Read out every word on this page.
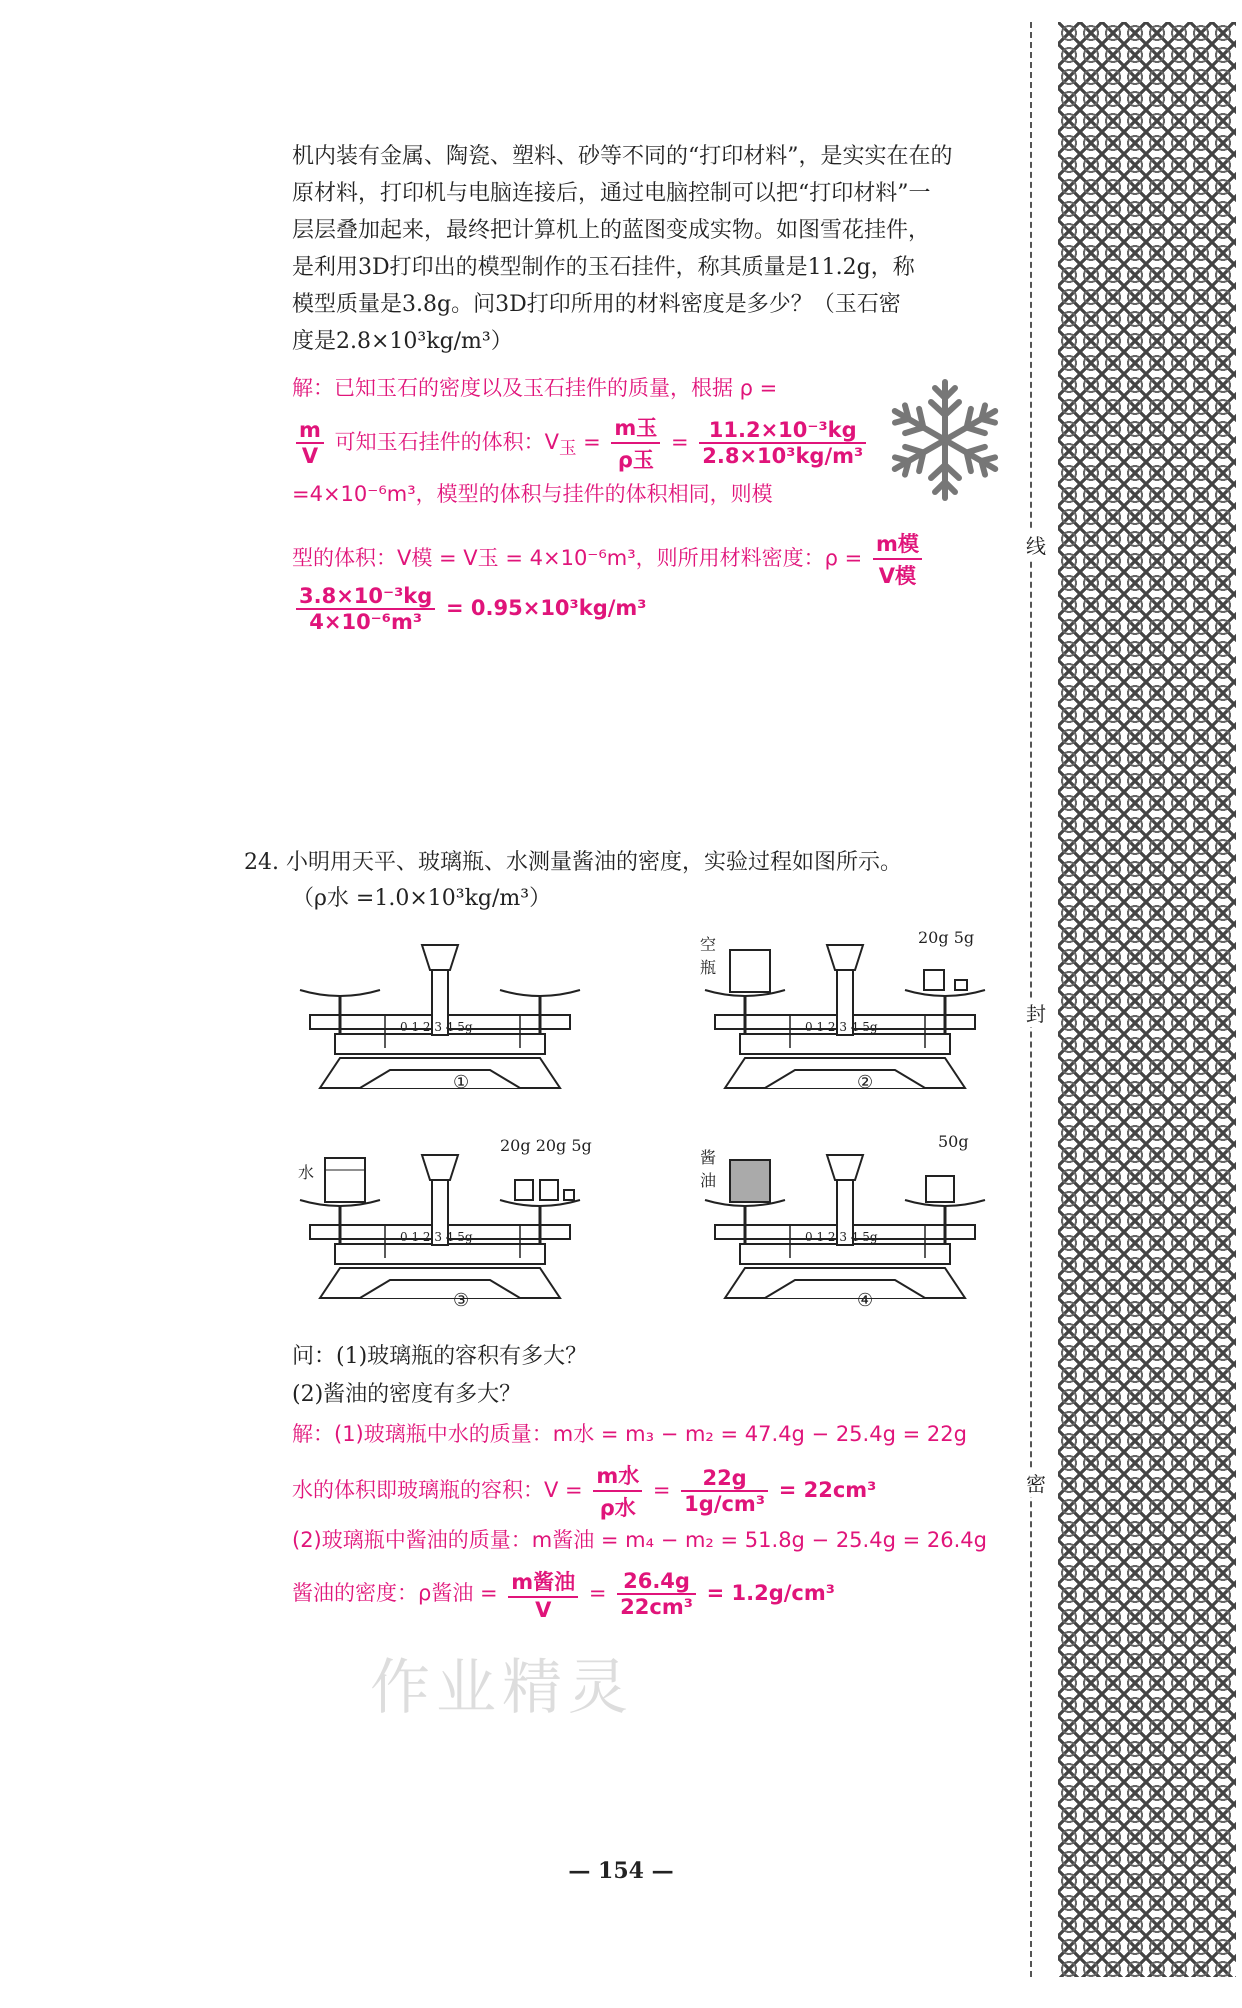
机内装有金属、陶瓷、塑料、砂等不同的“打印材料”，是实实在在的
原材料，打印机与电脑连接后，通过电脑控制可以把“打印材料”一
层层叠加起来，最终把计算机上的蓝图变成实物。如图雪花挂件，
是利用3D打印出的模型制作的玉石挂件，称其质量是11.2g，称
模型质量是3.8g。问3D打印所用的材料密度是多少？（玉石密
度是2.8×10³kg/m³）
解：已知玉石的密度以及玉石挂件的质量，根据 ρ =
$\frac{m}{V}$ 可知玉石挂件的体积：$V_玉 = \frac{\text{m玉}}{\text{ρ玉}} = \frac{\text{11.2×10⁻³kg}}{\text{2.8×10³kg/m³}}$
=4×10⁻⁶m³，模型的体积与挂件的体积相同，则模
型的体积：V模 = V玉 = 4×10⁻⁶m³，则所用材料密度：$\rho = \frac{\text{m模}}{\text{V模}}$
$\frac{\text{3.8×10⁻³kg}}{\text{4×10⁻⁶m³}} = 0.95\times 10^3kg/m^3$
24. 小明用天平、玻璃瓶、水测量酱油的密度，实验过程如图所示。
（ρ水 =1.0×10³kg/m³）
①	②
③	④
空瓶
20g 5g
水
20g 20g 5g
酱油
50g
0 1 2 3 4 5g	0 1 2 3 4 5g
0 1 2 3 4 5g	0 1 2 3 4 5g
问：(1)玻璃瓶的容积有多大？
(2)酱油的密度有多大？
解：(1)玻璃瓶中水的质量：m水 = m₃ − m₂ = 47.4g − 25.4g = 22g
水的体积即玻璃瓶的容积：$V = \frac{\text{m水}}{\text{ρ水}} = \frac{22g}{\text{1g/cm³}} = 22cm^3$
(2)玻璃瓶中酱油的质量：m酱油 = m₄ − m₂ = 51.8g − 25.4g = 26.4g
酱油的密度：ρ酱油 = $\frac{\text{m酱油}}{V} = \frac{26.4g}{\text{22cm³}} = 1.2g/cm^3$
作业精灵
线
封
密
— 154 —
